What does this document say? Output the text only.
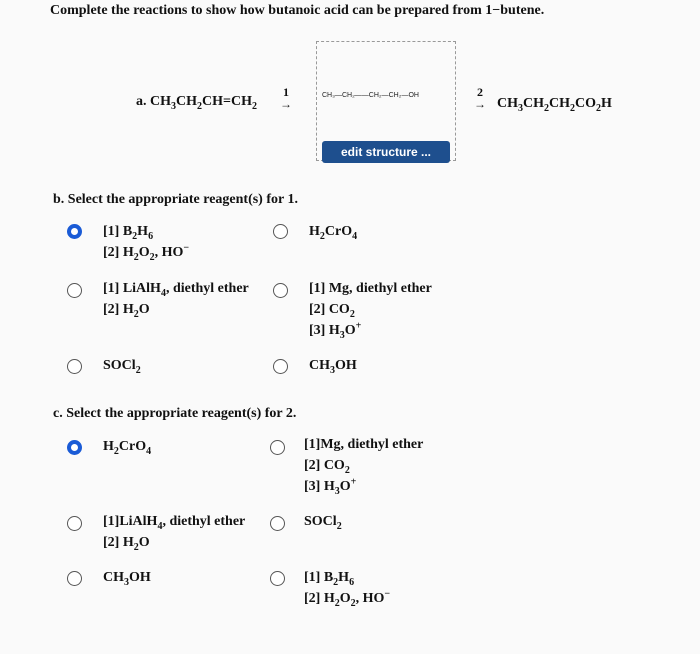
Complete the reactions to show how butanoic acid can be prepared from 1−butene.
a. $CH_3CH_2CH=CH_2$
1
→
CH₃—CH₂——CH₂—CH₂—OH
edit structure ...
2
→ $CH_3CH_2CH_2CO_2H$
b. Select the appropriate reagent(s) for 1.
[1] $B_2H_6$
[2] $H_2O_2$, HO−
$H_2CrO_4$
[1] LiAlH$_4$, diethyl ether
[2] $H_2O$
[1] Mg, diethyl ether
[2] $CO_2$
[3] $H_3O^+$
SOCl$_2$	$CH_3OH$
c. Select the appropriate reagent(s) for 2.
$H_2CrO_4$	[1]Mg, diethyl ether
[2] $CO_2$
[3] $H_3O^+$
[1]LiAlH$_4$, diethyl ether
[2] $H_2O$
SOCl$_2$
$CH_3OH$	[1] $B_2H_6$
[2] $H_2O_2$, HO−
